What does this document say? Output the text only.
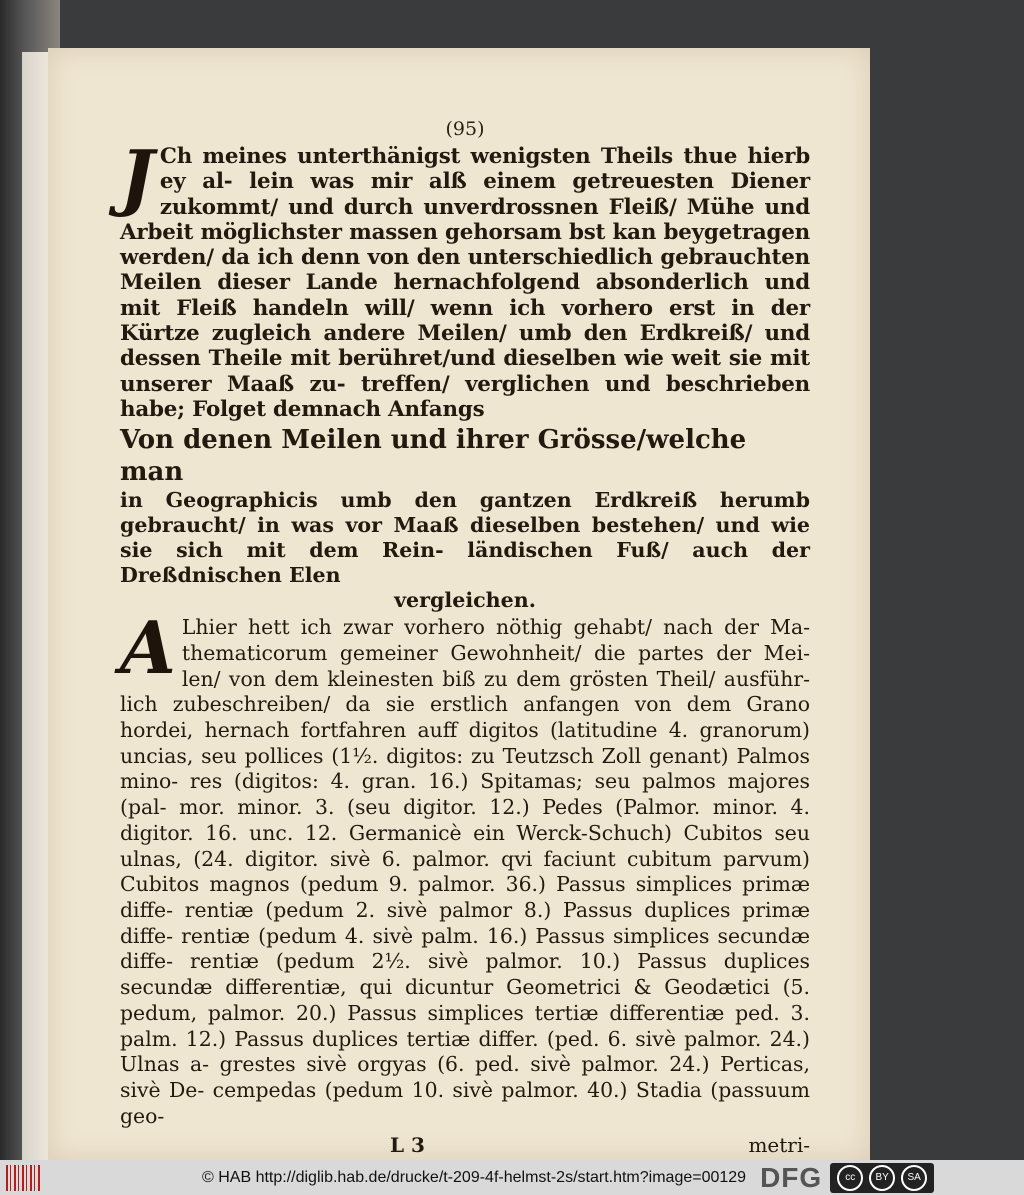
(95)
J Ch meines unterthänigst wenigsten Theils thue hierb ey al- lein was mir alß einem getreuesten Diener zukommt/ und durch unverdrossnen Fleiß/ Mühe und Arbeit möglichster massen gehorsam bst kan beygetragen werden/ da ich denn von den unterschiedlich gebrauchten Meilen dieser Lande hernachfolgend absonderlich und mit Fleiß handeln will/ wenn ich vorhero erst in der Kürtze zugleich andere Meilen/ umb den Erdkreiß/ und dessen Theile mit berühret/und dieselben wie weit sie mit unserer Maaß zu- treffen/ verglichen und beschrieben habe; Folget demnach Anfangs
Von denen Meilen und ihrer Grösse/welche man
in Geographicis umb den gantzen Erdkreiß herumb gebraucht/ in was vor Maaß dieselben bestehen/ und wie sie sich mit dem Rein- ländischen Fuß/ auch der Dreßdnischen Elen
vergleichen.
A Lhier hett ich zwar vorhero nöthig gehabt/ nach der Ma- thematicorum gemeiner Gewohnheit/ die partes der Mei- len/ von dem kleinesten biß zu dem grösten Theil/ ausführ- lich zubeschreiben/ da sie erstlich anfangen von dem Grano hordei, hernach fortfahren auff digitos (latitudine 4. granorum) uncias, seu pollices (1½. digitos: zu Teutzsch Zoll genant) Palmos mino- res (digitos: 4. gran. 16.) Spitamas; seu palmos majores (pal- mor. minor. 3. (seu digitor. 12.) Pedes (Palmor. minor. 4. digitor. 16. unc. 12. Germanicè ein Werck-Schuch) Cubitos seu ulnas, (24. digitor. sivè 6. palmor. qvi faciunt cubitum parvum) Cubitos magnos (pedum 9. palmor. 36.) Passus simplices primæ diffe- rentiæ (pedum 2. sivè palmor 8.) Passus duplices primæ diffe- rentiæ (pedum 4. sivè palm. 16.) Passus simplices secundæ diffe- rentiæ (pedum 2½. sivè palmor. 10.) Passus duplices secundæ differentiæ, qui dicuntur Geometrici & Geodætici (5. pedum, palmor. 20.) Passus simplices tertiæ differentiæ ped. 3. palm. 12.) Passus duplices tertiæ differ. (ped. 6. sivè palmor. 24.) Ulnas a- grestes sivè orgyas (6. ped. sivè palmor. 24.) Perticas, sivè De- cempedas (pedum 10. sivè palmor. 40.) Stadia (passuum geo-
L 3	metri-
© HAB http://diglib.hab.de/drucke/t-209-4f-helmst-2s/start.htm?image=00129 DFG	cc	BY	SA
